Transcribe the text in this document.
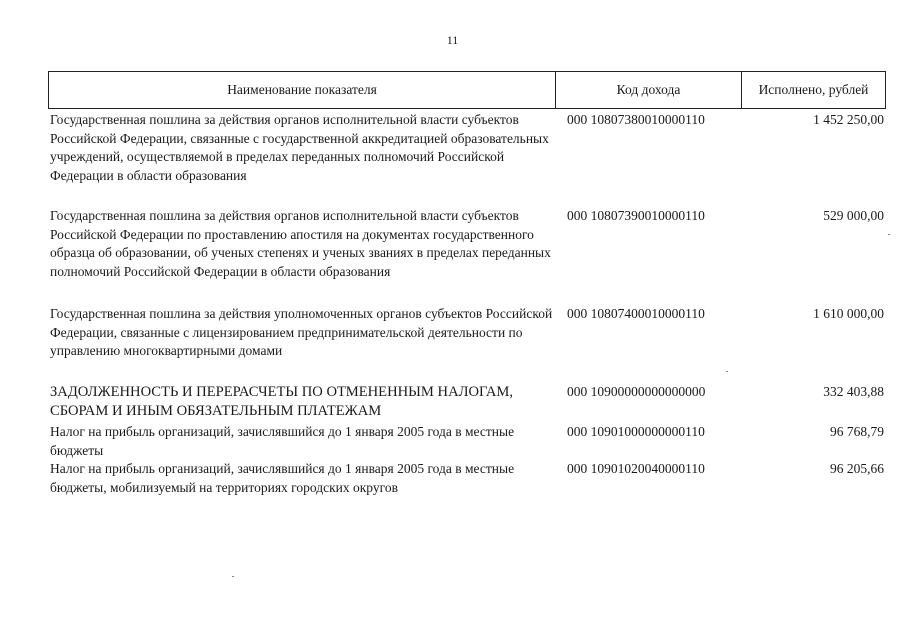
11
Наименование показателя	Код дохода	Исполнено, рублей
Государственная пошлина за действия органов исполнительной власти субъектов Российской Федерации, связанные с государственной аккредитацией образовательных учреждений, осуществляемой в пределах переданных полномочий Российской Федерации в области образования
000 10807380010000110	1 452 250,00
Государственная пошлина за действия органов исполнительной власти субъектов Российской Федерации по проставлению апостиля на документах государственного образца об образовании, об ученых степенях и ученых званиях в пределах переданных полномочий Российской Федерации в области образования
000 10807390010000110	529 000,00
Государственная пошлина за действия уполномоченных органов субъектов Российской Федерации, связанные с лицензированием предпринимательской деятельности по управлению многоквартирными домами
000 10807400010000110	1 610 000,00
ЗАДОЛЖЕННОСТЬ И ПЕРЕРАСЧЕТЫ ПО ОТМЕНЕННЫМ НАЛОГАМ, СБОРАМ И ИНЫМ ОБЯЗАТЕЛЬНЫМ ПЛАТЕЖАМ
000 10900000000000000	332 403,88
Налог на прибыль организаций, зачислявшийся до 1 января 2005 года в местные бюджеты
000 10901000000000110	96 768,79
Налог на прибыль организаций, зачислявшийся до 1 января 2005 года в местные бюджеты, мобилизуемый на территориях городских округов
000 10901020040000110	96 205,66
